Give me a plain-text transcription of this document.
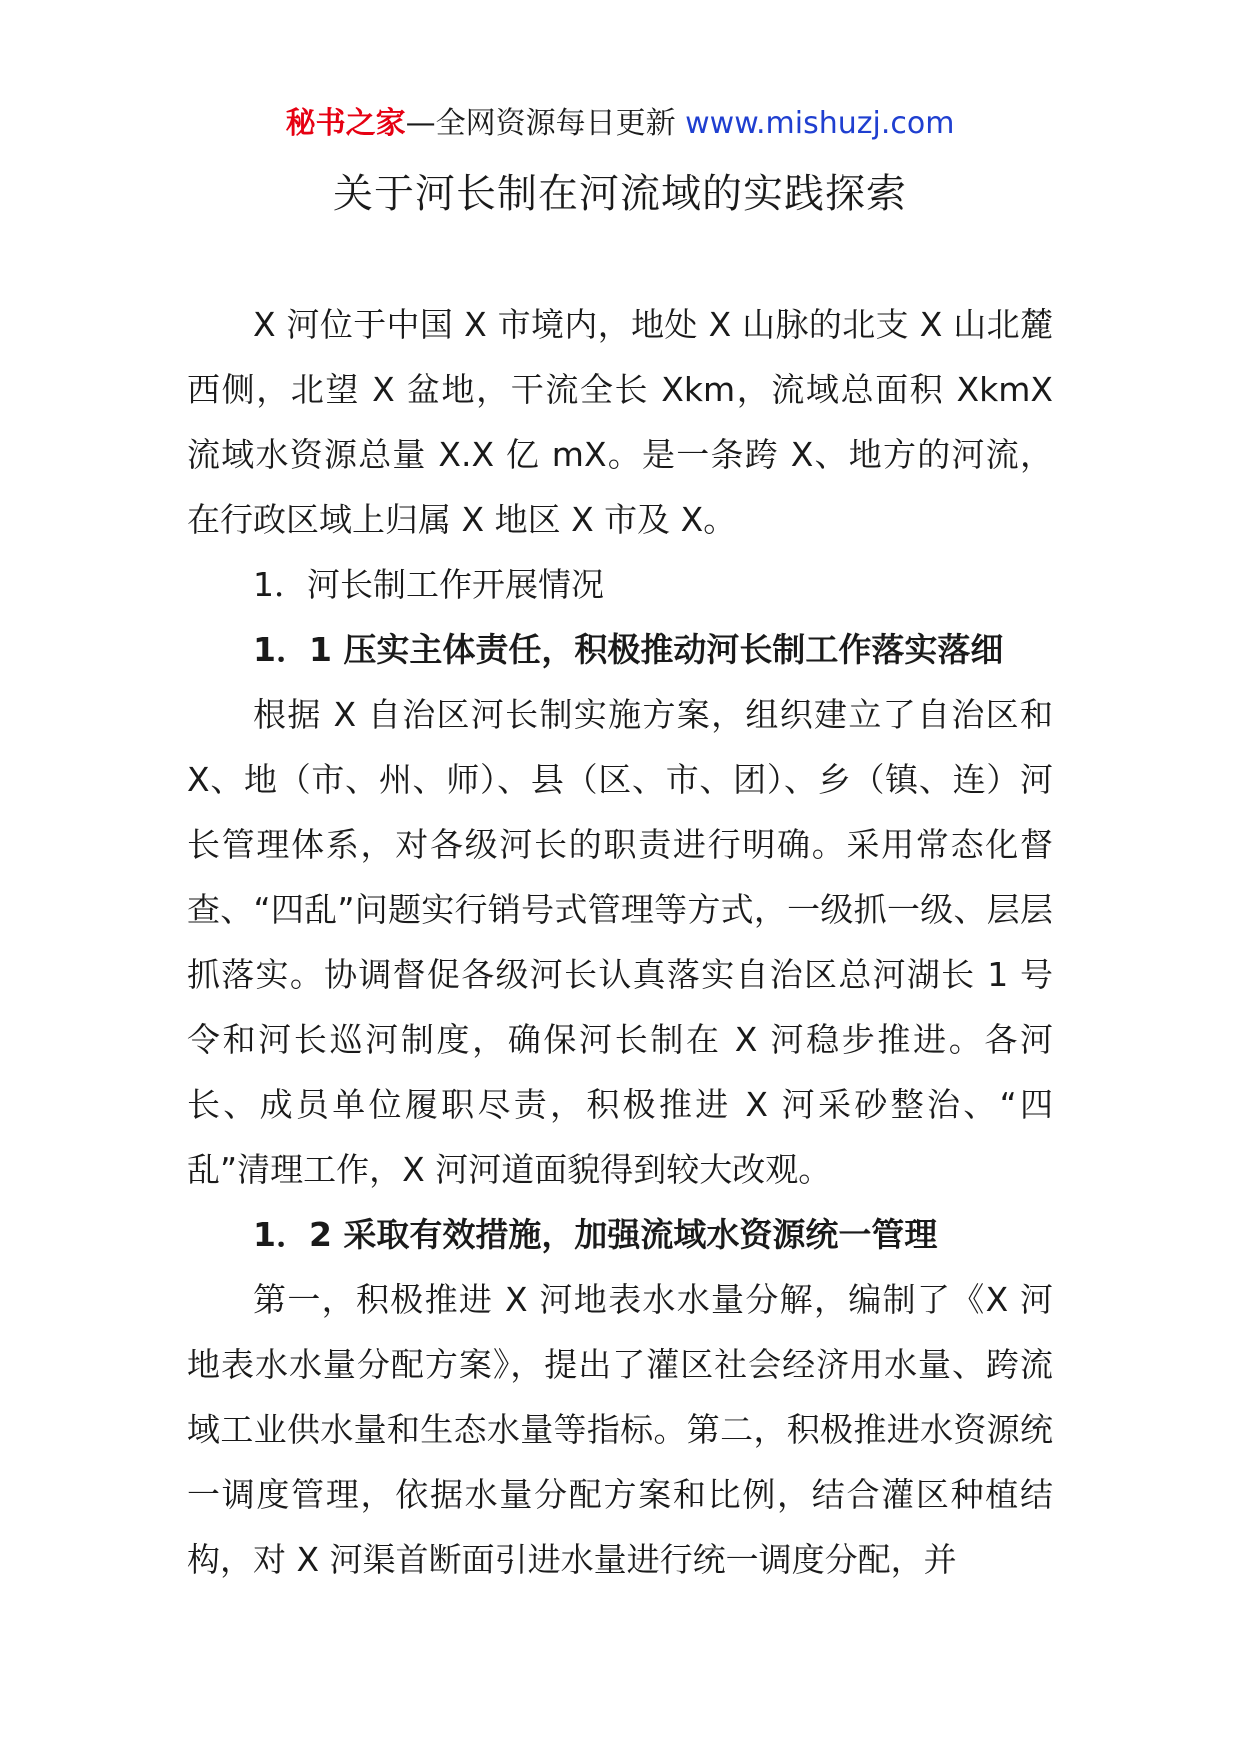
秘书之家—全网资源每日更新 www.mishuzj.com
关于河长制在河流域的实践探索

X 河位于中国 X 市境内，地处 X 山脉的北支 X 山北麓西侧，北望 X 盆地，干流全长 Xkm，流域总面积 XkmX 流域水资源总量 X.X 亿 mX。是一条跨 X、地方的河流，在行政区域上归属 X 地区 X 市及 X。

1．河长制工作开展情况
1．1 压实主体责任，积极推动河长制工作落实落细

根据 X 自治区河长制实施方案，组织建立了自治区和X、地（市、州、师）、县（区、市、团）、乡（镇、连）河长管理体系，对各级河长的职责进行明确。采用常态化督查、“四乱”问题实行销号式管理等方式，一级抓一级、层层抓落实。协调督促各级河长认真落实自治区总河湖长 1 号令和河长巡河制度，确保河长制在 X 河稳步推进。各河长、成员单位履职尽责，积极推进 X 河采砂整治、“四乱”清理工作，X 河河道面貌得到较大改观。

1．2 采取有效措施，加强流域水资源统一管理

第一，积极推进 X 河地表水水量分解，编制了《X 河地表水水量分配方案》，提出了灌区社会经济用水量、跨流域工业供水量和生态水量等指标。第二，积极推进水资源统一调度管理，依据水量分配方案和比例，结合灌区种植结构，对 X 河渠首断面引进水量进行统一调度分配，并
